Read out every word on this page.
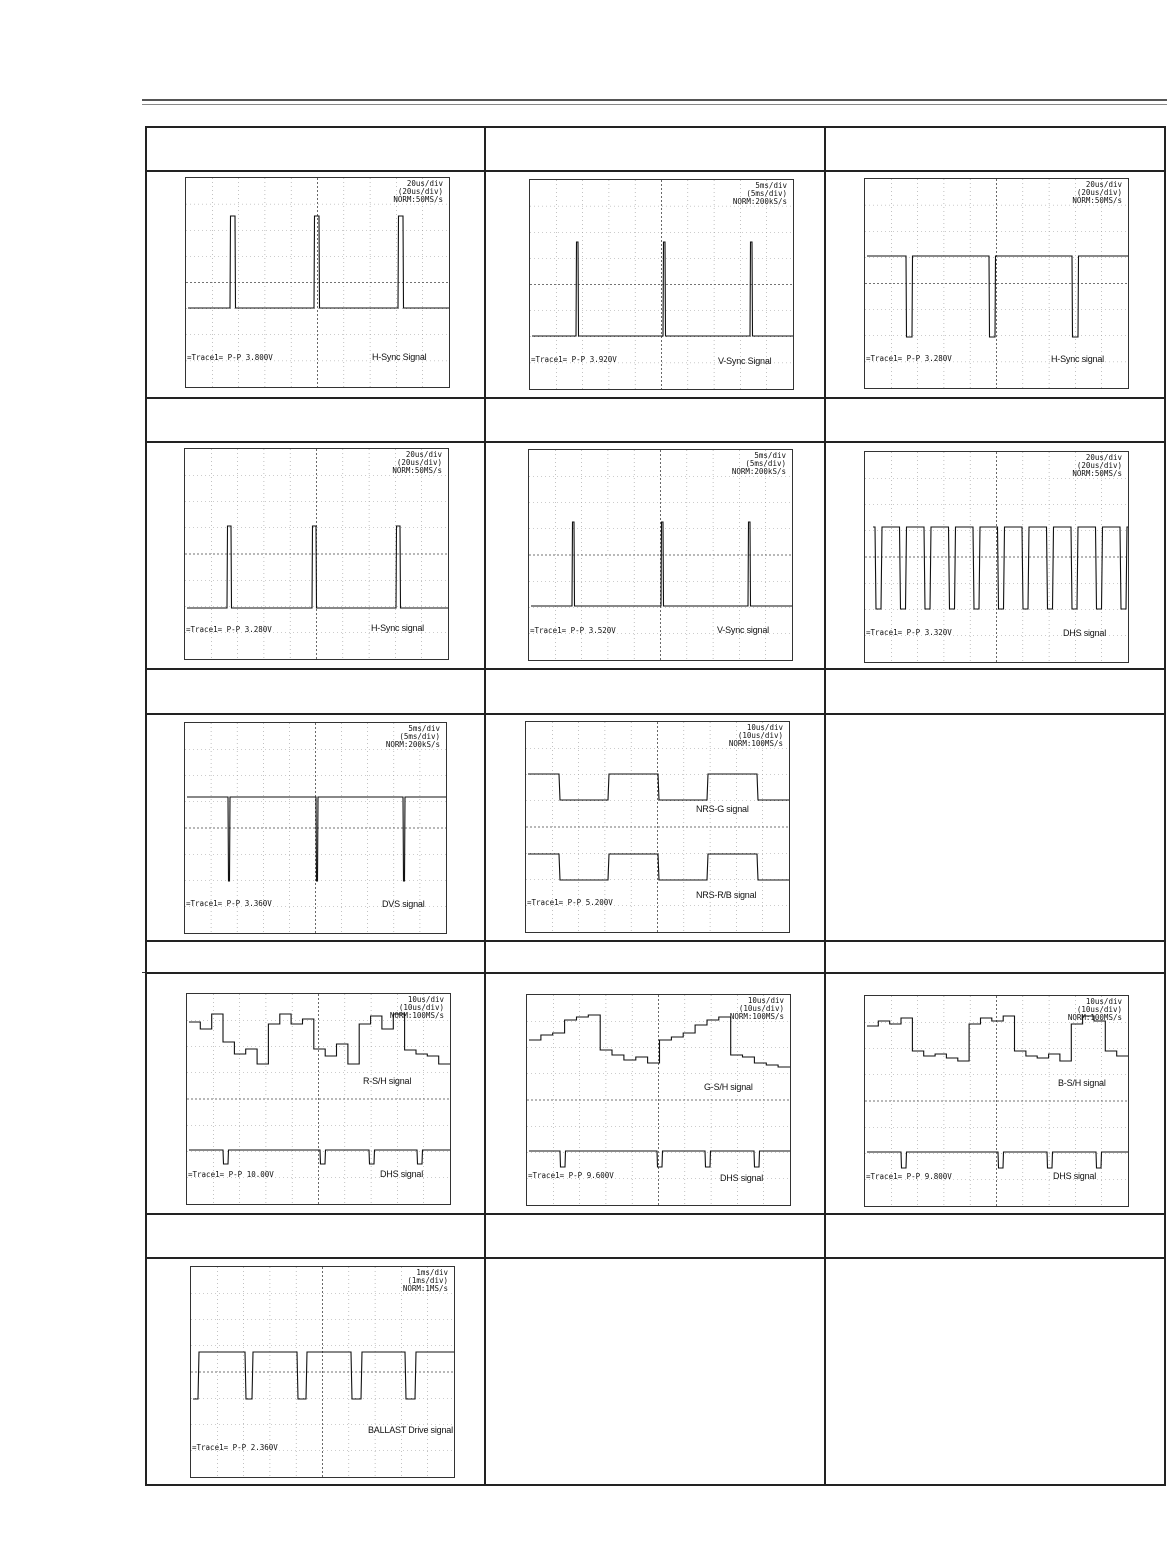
20us/div
(20us/div)
NORM:50MS/s
=Trace1= P-P 3.800V	H-Sync Signal
5ms/div
(5ms/div)
NORM:200kS/s
=Trace1= P-P 3.920V	V-Sync Signal
20us/div
(20us/div)
NORM:50MS/s
=Trace1= P-P 3.280V	H-Sync signal
20us/div
(20us/div)
NORM:50MS/s
=Trace1= P-P 3.280V	H-Sync signal
5ms/div
(5ms/div)
NORM:200kS/s
=Trace1= P-P 3.520V	V-Sync signal
20us/div
(20us/div)
NORM:50MS/s
=Trace1= P-P 3.320V	DHS signal
5ms/div
(5ms/div)
NORM:200kS/s
=Trace1= P-P 3.360V	DVS signal
10us/div
(10us/div)
NORM:100MS/s
=Trace1= P-P 5.200V
NRS-G signal
NRS-R/B signal
10us/div
(10us/div)
NORM:100MS/s
=Trace1= P-P 10.00V
R-S/H signal
DHS signal
10us/div
(10us/div)
NORM:100MS/s
=Trace1= P-P 9.600V
G-S/H signal
DHS signal
10us/div
(10us/div)
NORM:100MS/s
=Trace1= P-P 9.800V
B-S/H signal
DHS signal
1ms/div
(1ms/div)
NORM:1MS/s
=Trace1= P-P 2.360V
BALLAST Drive signal
